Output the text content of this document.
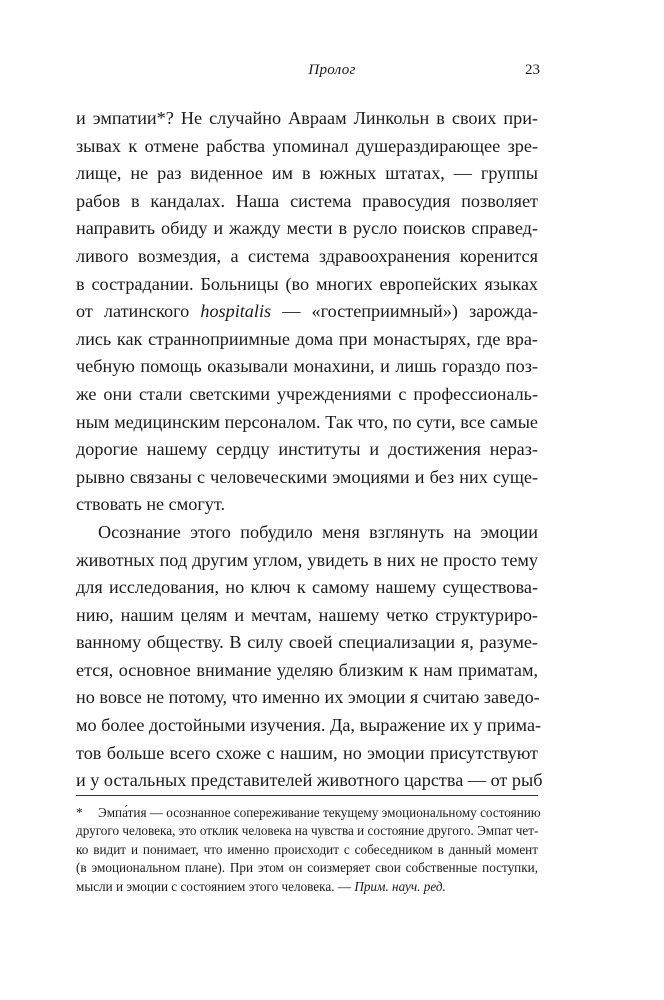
Пролог	23
и эмпатии*? Не случайно Авраам Линкольн в своих при-
зывах к отмене рабства упоминал душераздирающее зре-
лище, не раз виденное им в южных штатах, — группы
рабов в кандалах. Наша система правосудия позволяет
направить обиду и жажду мести в русло поисков справед-
ливого возмездия, а система здравоохранения коренится
в сострадании. Больницы (во многих европейских языках
от латинского hospitalis — «гостеприимный») зарожда-
лись как странноприимные дома при монастырях, где вра-
чебную помощь оказывали монахини, и лишь гораздо поз-
же они стали светскими учреждениями с профессиональ-
ным медицинским персоналом. Так что, по сути, все самые
дорогие нашему сердцу институты и достижения нераз-
рывно связаны с человеческими эмоциями и без них суще-
ствовать не смогут.
Осознание этого побудило меня взглянуть на эмоции
животных под другим углом, увидеть в них не просто тему
для исследования, но ключ к самому нашему существова-
нию, нашим целям и мечтам, нашему четко структуриро-
ванному обществу. В силу своей специализации я, разуме-
ется, основное внимание уделяю близким к нам приматам,
но вовсе не потому, что именно их эмоции я считаю заведо-
мо более достойными изучения. Да, выражение их у прима-
тов больше всего схоже с нашим, но эмоции присутствуют
и у остальных представителей животного царства — от рыб
* Эмпа́тия — осознанное сопереживание текущему эмоциональному состоянию
другого человека, это отклик человека на чувства и состояние другого. Эмпат чет-
ко видит и понимает, что именно происходит с собеседником в данный момент
(в эмоциональном плане). При этом он соизмеряет свои собственные поступки,
мысли и эмоции с состоянием этого человека. — Прим. науч. ред.
